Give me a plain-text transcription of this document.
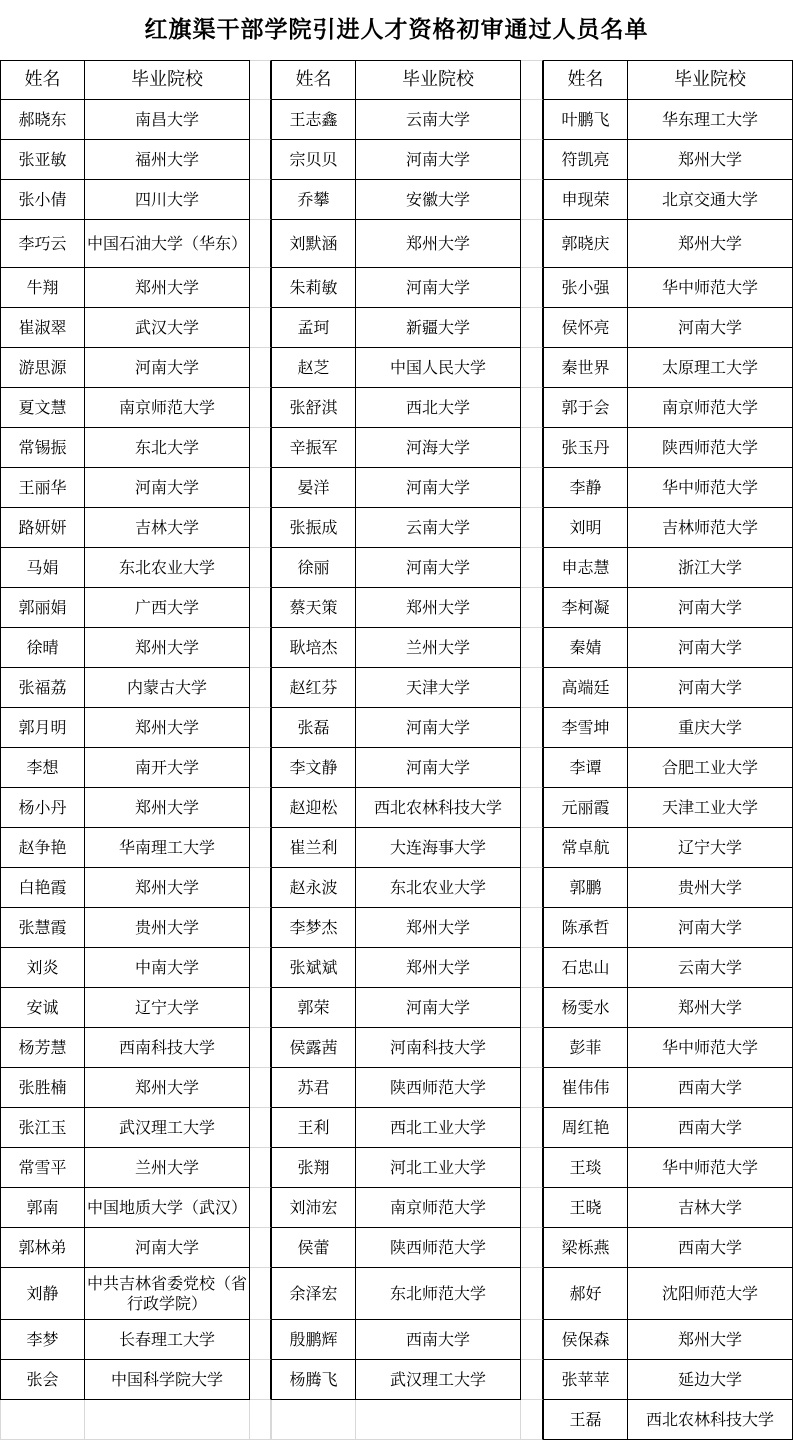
红旗渠干部学院引进人才资格初审通过人员名单							
姓名	毕业院校		姓名	毕业院校		姓名	毕业院校
郝晓东	南昌大学		王志鑫	云南大学		叶鹏飞	华东理工大学
张亚敏	福州大学		宗贝贝	河南大学		符凯亮	郑州大学
张小倩	四川大学		乔攀	安徽大学		申现荣	北京交通大学
李巧云	中国石油大学（华东）		刘默涵	郑州大学		郭晓庆	郑州大学
牛翔	郑州大学		朱莉敏	河南大学		张小强	华中师范大学
崔淑翠	武汉大学		孟珂	新疆大学		侯怀亮	河南大学
游思源	河南大学		赵芝	中国人民大学		秦世界	太原理工大学
夏文慧	南京师范大学		张舒淇	西北大学		郭于会	南京师范大学
常锡振	东北大学		辛振军	河海大学		张玉丹	陕西师范大学
王丽华	河南大学		晏洋	河南大学		李静	华中师范大学
路妍妍	吉林大学		张振成	云南大学		刘明	吉林师范大学
马娟	东北农业大学		徐丽	河南大学		申志慧	浙江大学
郭丽娟	广西大学		蔡天策	郑州大学		李柯凝	河南大学
徐晴	郑州大学		耿培杰	兰州大学		秦婧	河南大学
张福荔	内蒙古大学		赵红芬	天津大学		高端廷	河南大学
郭月明	郑州大学		张磊	河南大学		李雪坤	重庆大学
李想	南开大学		李文静	河南大学		李谭	合肥工业大学
杨小丹	郑州大学		赵迎松	西北农林科技大学		元丽霞	天津工业大学
赵争艳	华南理工大学		崔兰利	大连海事大学		常卓航	辽宁大学
白艳霞	郑州大学		赵永波	东北农业大学		郭鹏	贵州大学
张慧霞	贵州大学		李梦杰	郑州大学		陈承哲	河南大学
刘炎	中南大学		张斌斌	郑州大学		石忠山	云南大学
安诚	辽宁大学		郭荣	河南大学		杨雯水	郑州大学
杨芳慧	西南科技大学		侯露茜	河南科技大学		彭菲	华中师范大学
张胜楠	郑州大学		苏君	陕西师范大学		崔伟伟	西南大学
张江玉	武汉理工大学		王利	西北工业大学		周红艳	西南大学
常雪平	兰州大学		张翔	河北工业大学		王琰	华中师范大学
郭南	中国地质大学（武汉）		刘沛宏	南京师范大学		王晓	吉林大学
郭林弟	河南大学		侯蕾	陕西师范大学		梁栎燕	西南大学
刘静	中共吉林省委党校（省行政学院）		余泽宏	东北师范大学		郝好	沈阳师范大学
李梦	长春理工大学		殷鹏辉	西南大学		侯保森	郑州大学
张会	中国科学院大学		杨腾飞	武汉理工大学		张苹苹	延边大学
						王磊	西北农林科技大学
